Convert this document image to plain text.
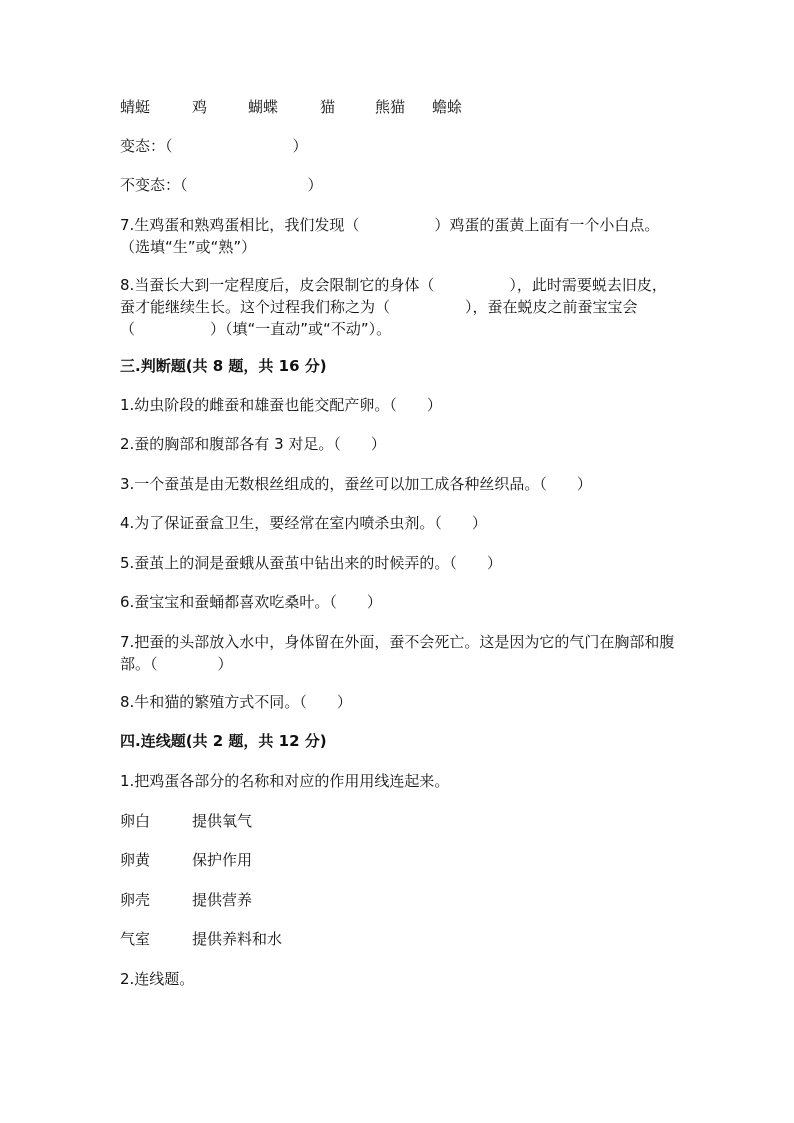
蜻蜓	鸡	蝴蝶	猫	熊猫 蟾蜍
变态：（　　　　　　　　）
不变态：（　　　　　　　　）
7.生鸡蛋和熟鸡蛋相比，我们发现（　　　　　）鸡蛋的蛋黄上面有一个小白点。（选填“生”或“熟”）
8.当蚕长大到一定程度后，皮会限制它的身体（　　　　　），此时需要蜕去旧皮，蚕才能继续生长。这个过程我们称之为（　　　　　），蚕在蜕皮之前蚕宝宝会（　　　　　）（填“一直动”或“不动”）。
三.判断题(共 8 题，共 16 分)
1.幼虫阶段的雌蚕和雄蚕也能交配产卵。（　　）
2.蚕的胸部和腹部各有 3 对足。（　　）
3.一个蚕茧是由无数根丝组成的，蚕丝可以加工成各种丝织品。（　　）
4.为了保证蚕盒卫生，要经常在室内喷杀虫剂。（　　）
5.蚕茧上的洞是蚕蛾从蚕茧中钻出来的时候弄的。（　　）
6.蚕宝宝和蚕蛹都喜欢吃桑叶。（　　）
7.把蚕的头部放入水中，身体留在外面，蚕不会死亡。这是因为它的气门在胸部和腹部。（　　　　）
8.牛和猫的繁殖方式不同。（　　）
四.连线题(共 2 题，共 12 分)
1.把鸡蛋各部分的名称和对应的作用用线连起来。
卵白	提供氧气
卵黄	保护作用
卵壳	提供营养
气室	提供养料和水
2.连线题。
